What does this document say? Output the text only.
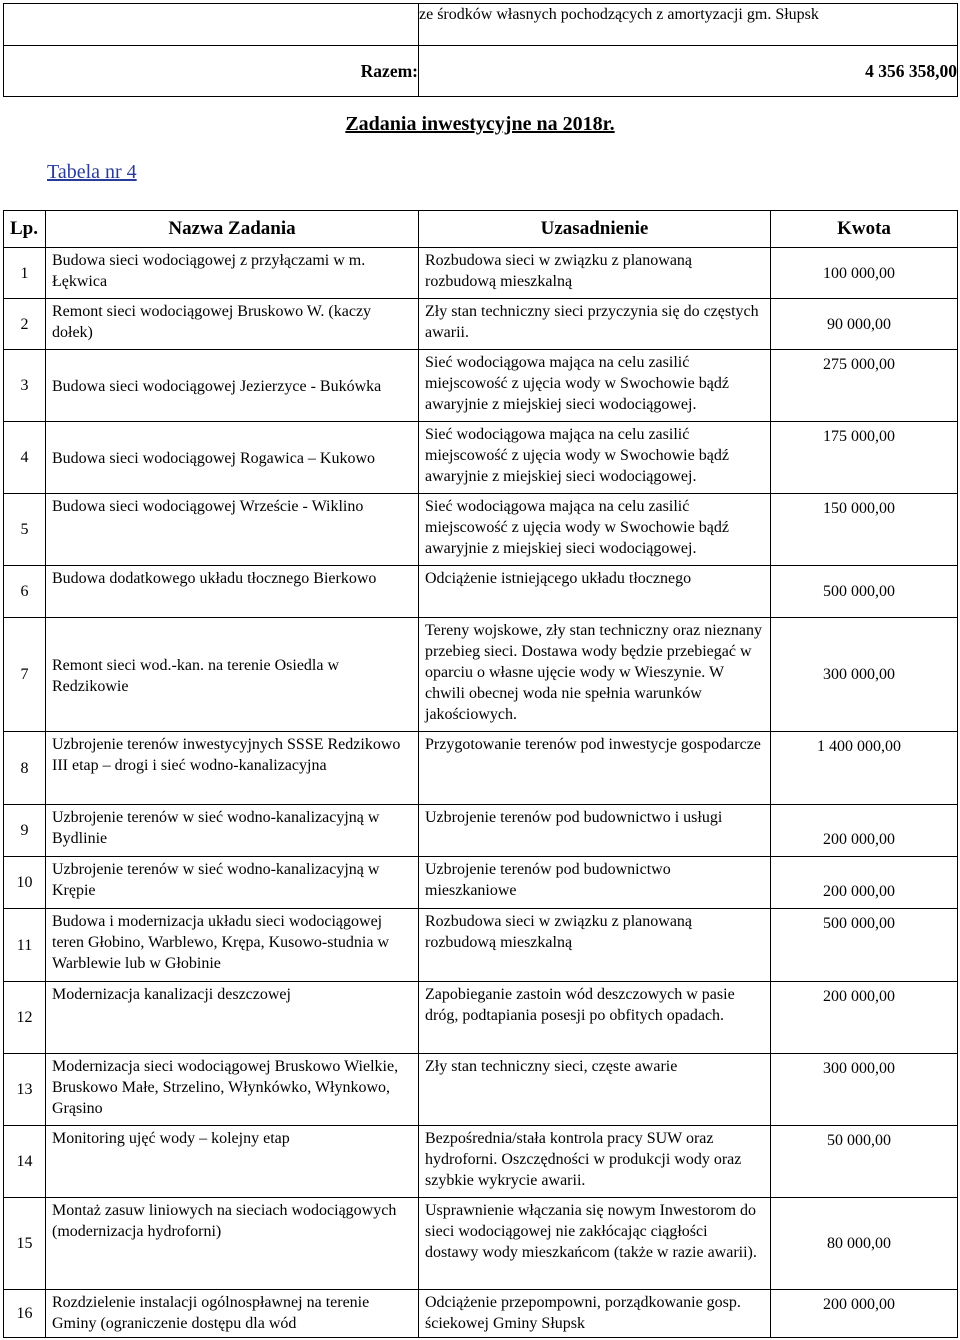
	ze środków własnych pochodzących z amortyzacji gm. Słupsk
Razem:	4 356 358,00
Zadania inwestycyjne na 2018r.
Tabela nr 4
Lp.	Nazwa Zadania	Uzasadnienie	Kwota
1	Budowa sieci wodociągowej z przyłączami w m. Łękwica	Rozbudowa sieci w związku z planowaną rozbudową mieszkalną	100 000,00
2	Remont sieci wodociągowej Bruskowo W. (kaczy dołek)	Zły stan techniczny sieci przyczynia się do częstych awarii.	90 000,00
3	Budowa sieci wodociągowej Jezierzyce - Bukówka	Sieć wodociągowa mająca na celu zasilić miejscowość z ujęcia wody w Swochowie bądź awaryjnie z miejskiej sieci wodociągowej.	275 000,00
4	Budowa sieci wodociągowej Rogawica – Kukowo	Sieć wodociągowa mająca na celu zasilić miejscowość z ujęcia wody w Swochowie bądź awaryjnie z miejskiej sieci wodociągowej.	175 000,00
5	Budowa sieci wodociągowej Wrzeście - Wiklino	Sieć wodociągowa mająca na celu zasilić miejscowość z ujęcia wody w Swochowie bądź awaryjnie z miejskiej sieci wodociągowej.	150 000,00
6	Budowa dodatkowego układu tłocznego Bierkowo	Odciążenie istniejącego układu tłocznego	500 000,00
7	Remont sieci wod.-kan. na terenie Osiedla w Redzikowie	Tereny wojskowe, zły stan techniczny oraz nieznany przebieg sieci. Dostawa wody będzie przebiegać w oparciu o własne ujęcie wody w Wieszynie. W chwili obecnej woda nie spełnia warunków jakościowych.	300 000,00
8	Uzbrojenie terenów inwestycyjnych SSSE Redzikowo III etap – drogi i sieć wodno-kanalizacyjna	Przygotowanie terenów pod inwestycje gospodarcze	1 400 000,00
9	Uzbrojenie terenów w sieć wodno-kanalizacyjną w Bydlinie	Uzbrojenie terenów pod budownictwo i usługi	200 000,00
10	Uzbrojenie terenów w sieć wodno-kanalizacyjną w Krępie	Uzbrojenie terenów pod budownictwo mieszkaniowe	200 000,00
11	Budowa i modernizacja układu sieci wodociągowej teren Głobino, Warblewo, Krępa, Kusowo-studnia w Warblewie lub w Głobinie	Rozbudowa sieci w związku z planowaną rozbudową mieszkalną	500 000,00
12	Modernizacja kanalizacji deszczowej	Zapobieganie zastoin wód deszczowych w pasie dróg, podtapiania posesji po obfitych opadach.	200 000,00
13	Modernizacja sieci wodociągowej Bruskowo Wielkie, Bruskowo Małe, Strzelino, Włynkówko, Włynkowo, Grąsino	Zły stan techniczny sieci, częste awarie	300 000,00
14	Monitoring ujęć wody – kolejny etap	Bezpośrednia/stała kontrola pracy SUW oraz hydroforni. Oszczędności w produkcji wody oraz szybkie wykrycie awarii.	50 000,00
15	Montaż zasuw liniowych na sieciach wodociągowych (modernizacja hydroforni)	Usprawnienie włączania się nowym Inwestorom do sieci wodociągowej nie zakłócając ciągłości dostawy wody mieszkańcom (także w razie awarii).	80 000,00
16	Rozdzielenie instalacji ogólnospławnej na terenie Gminy (ograniczenie dostępu dla wód	Odciążenie przepompowni, porządkowanie gosp. ściekowej Gminy Słupsk	200 000,00
